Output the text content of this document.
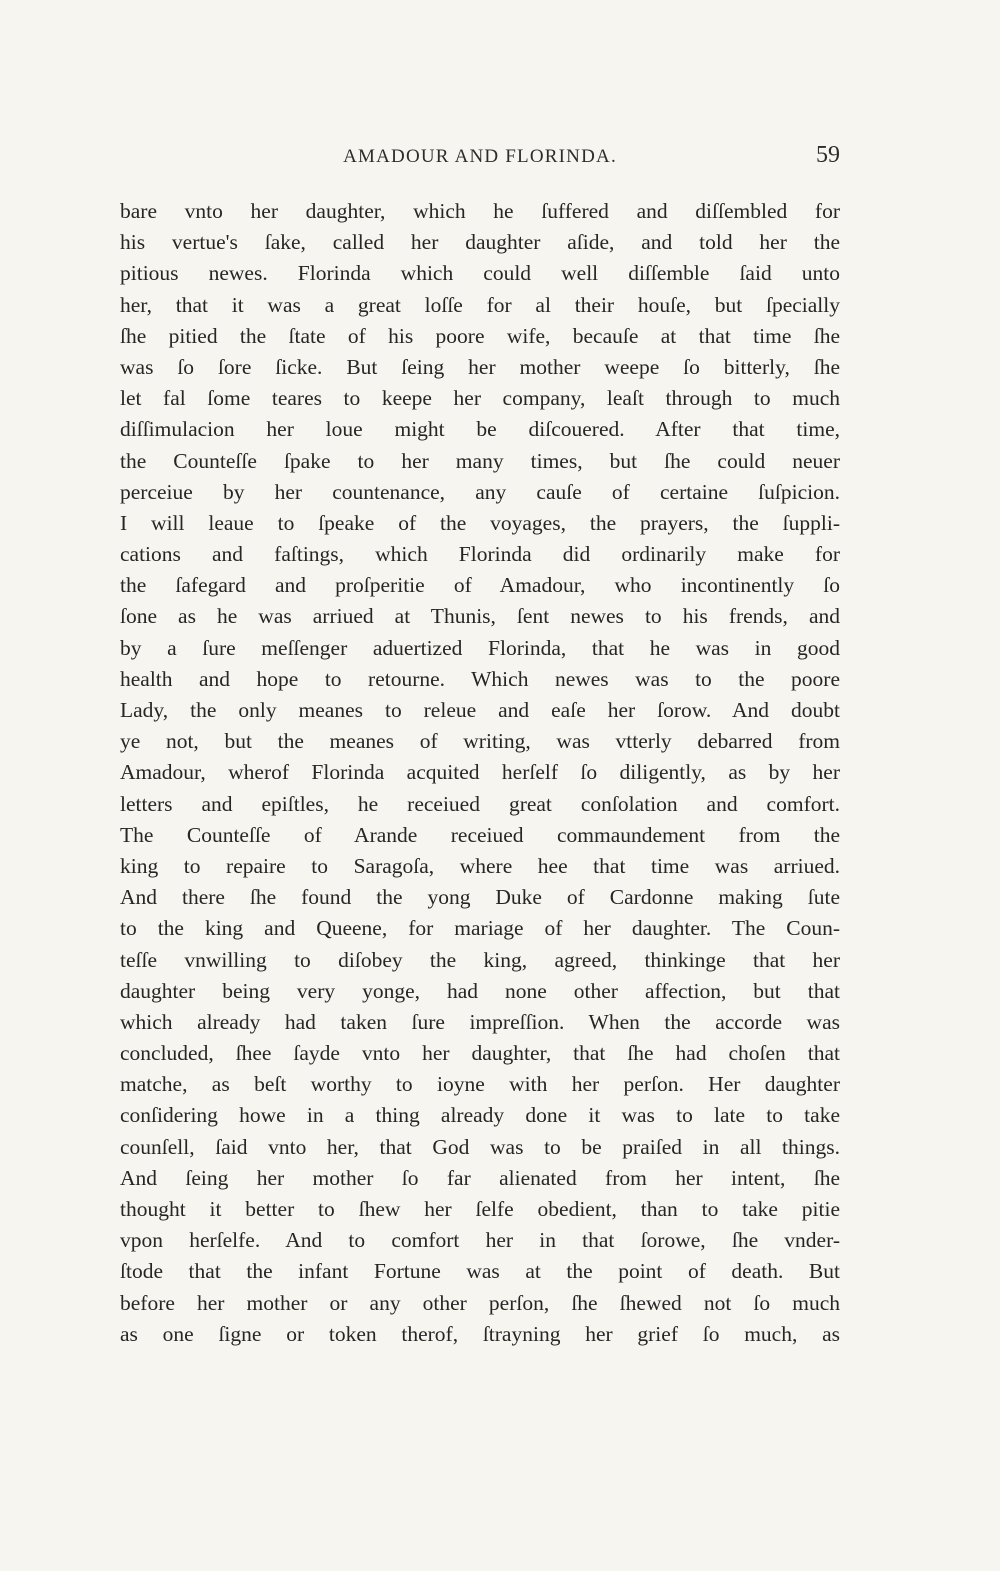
AMADOUR AND FLORINDA.	59
bare vnto her daughter, which he ſuffered and diſſembled for
his vertue's ſake, called her daughter aſide, and told her the
pitious newes. Florinda which could well diſſemble ſaid unto
her, that it was a great loſſe for al their houſe, but ſpecially
ſhe pitied the ſtate of his poore wife, becauſe at that time ſhe
was ſo ſore ſicke. But ſeing her mother weepe ſo bitterly, ſhe
let fal ſome teares to keepe her company, leaſt through to much
diſſimulacion her loue might be diſcouered. After that time,
the Counteſſe ſpake to her many times, but ſhe could neuer
perceiue by her countenance, any cauſe of certaine ſuſpicion.
I will leaue to ſpeake of the voyages, the prayers, the ſuppli-
cations and faſtings, which Florinda did ordinarily make for
the ſafegard and proſperitie of Amadour, who incontinently ſo
ſone as he was arriued at Thunis, ſent newes to his frends, and
by a ſure meſſenger aduertized Florinda, that he was in good
health and hope to retourne. Which newes was to the poore
Lady, the only meanes to releue and eaſe her ſorow. And doubt
ye not, but the meanes of writing, was vtterly debarred from
Amadour, wherof Florinda acquited herſelf ſo diligently, as by her
letters and epiſtles, he receiued great conſolation and comfort.
The Counteſſe of Arande receiued commaundement from the
king to repaire to Saragoſa, where hee that time was arriued.
And there ſhe found the yong Duke of Cardonne making ſute
to the king and Queene, for mariage of her daughter. The Coun-
teſſe vnwilling to diſobey the king, agreed, thinkinge that her
daughter being very yonge, had none other affection, but that
which already had taken ſure impreſſion. When the accorde was
concluded, ſhee ſayde vnto her daughter, that ſhe had choſen that
matche, as beſt worthy to ioyne with her perſon. Her daughter
conſidering howe in a thing already done it was to late to take
counſell, ſaid vnto her, that God was to be praiſed in all things.
And ſeing her mother ſo far alienated from her intent, ſhe
thought it better to ſhew her ſelfe obedient, than to take pitie
vpon herſelfe. And to comfort her in that ſorowe, ſhe vnder-
ſtode that the infant Fortune was at the point of death. But
before her mother or any other perſon, ſhe ſhewed not ſo much
as one ſigne or token therof, ſtrayning her grief ſo much, as
